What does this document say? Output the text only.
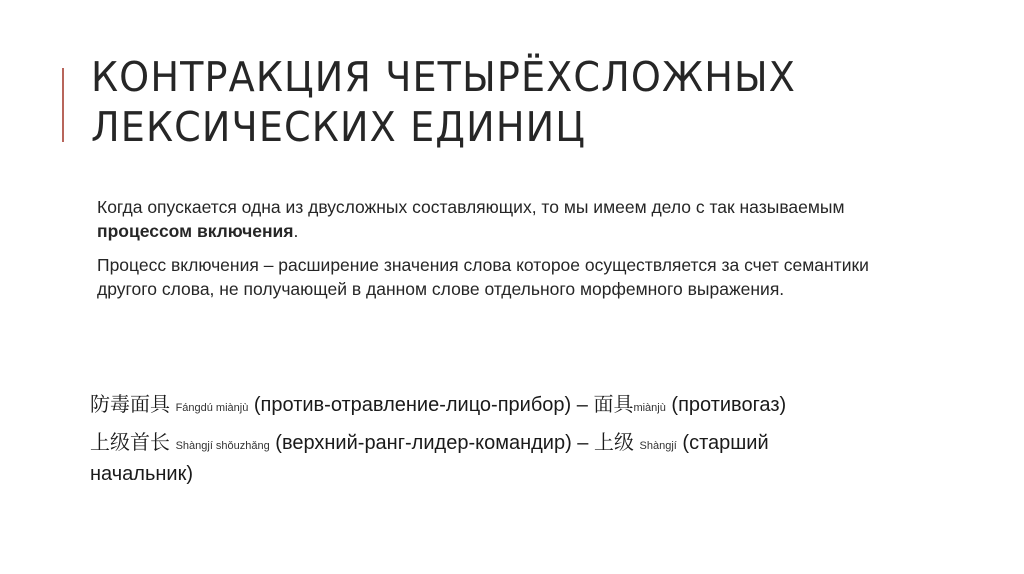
КОНТРАКЦИЯ ЧЕТЫРЁХСЛОЖНЫХ
ЛЕКСИЧЕСКИХ ЕДИНИЦ

Когда опускается одна из двусложных составляющих, то мы имеем дело с так называемым процессом включения.

Процесс включения – расширение значения слова которое осуществляется за счет семантики другого слова, не получающей в данном слове отдельного морфемного выражения.

防毒面具 Fángdú miànjù (против-отравление-лицо-прибор) – 面具miànjù (противогаз)

上级首长 Shàngjí shǒuzhǎng (верхний-ранг-лидер-командир) – 上级 Shàngjí (старший начальник)
